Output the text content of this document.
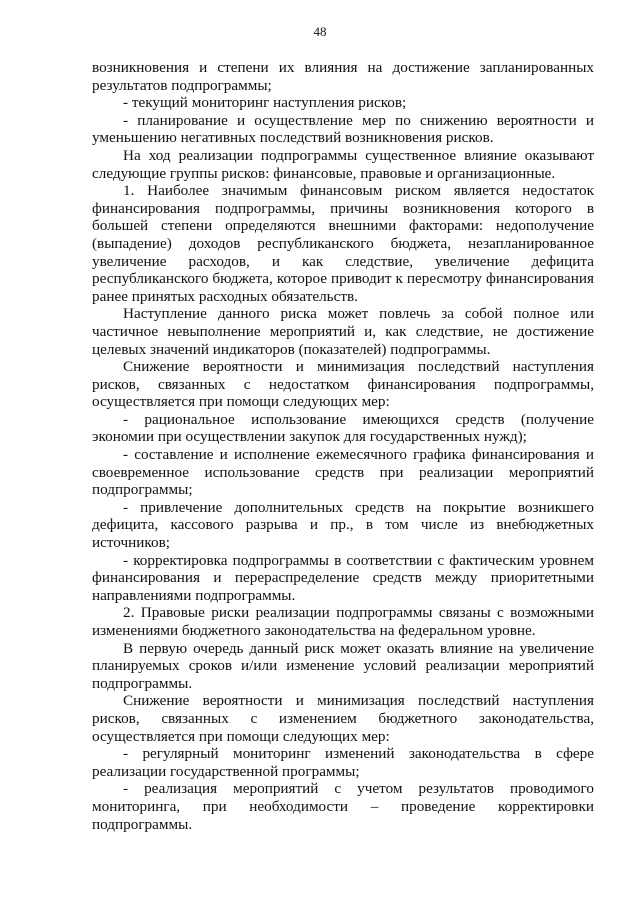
48

возникновения и степени их влияния на достижение запланированных результатов подпрограммы;

- текущий мониторинг наступления рисков;

- планирование и осуществление мер по снижению вероятности и уменьшению негативных последствий возникновения рисков.

На ход реализации подпрограммы существенное влияние оказывают следующие группы рисков: финансовые, правовые и организационные.

1. Наиболее значимым финансовым риском является недостаток финансирования подпрограммы, причины возникновения которого в большей степени определяются внешними факторами: недополучение (выпадение) доходов республиканского бюджета, незапланированное увеличение расходов, и как следствие, увеличение дефицита республиканского бюджета, которое приводит к пересмотру финансирования ранее принятых расходных обязательств.

Наступление данного риска может повлечь за собой полное или частичное невыполнение мероприятий и, как следствие, не достижение целевых значений индикаторов (показателей) подпрограммы.

Снижение вероятности и минимизация последствий наступления рисков, связанных с недостатком финансирования подпрограммы, осуществляется при помощи следующих мер:

- рациональное использование имеющихся средств (получение экономии при осуществлении закупок для государственных нужд);

- составление и исполнение ежемесячного графика финансирования и своевременное использование средств при реализации мероприятий подпрограммы;

- привлечение дополнительных средств на покрытие возникшего дефицита, кассового разрыва и пр., в том числе из внебюджетных источников;

- корректировка подпрограммы в соответствии с фактическим уровнем финансирования и перераспределение средств между приоритетными направлениями подпрограммы.

2. Правовые риски реализации подпрограммы связаны с возможными изменениями бюджетного законодательства на федеральном уровне.

В первую очередь данный риск может оказать влияние на увеличение планируемых сроков и/или изменение условий реализации мероприятий подпрограммы.

Снижение вероятности и минимизация последствий наступления рисков, связанных с изменением бюджетного законодательства, осуществляется при помощи следующих мер:

- регулярный мониторинг изменений законодательства в сфере реализации государственной программы;

- реализация мероприятий с учетом результатов проводимого мониторинга, при необходимости – проведение корректировки подпрограммы.
